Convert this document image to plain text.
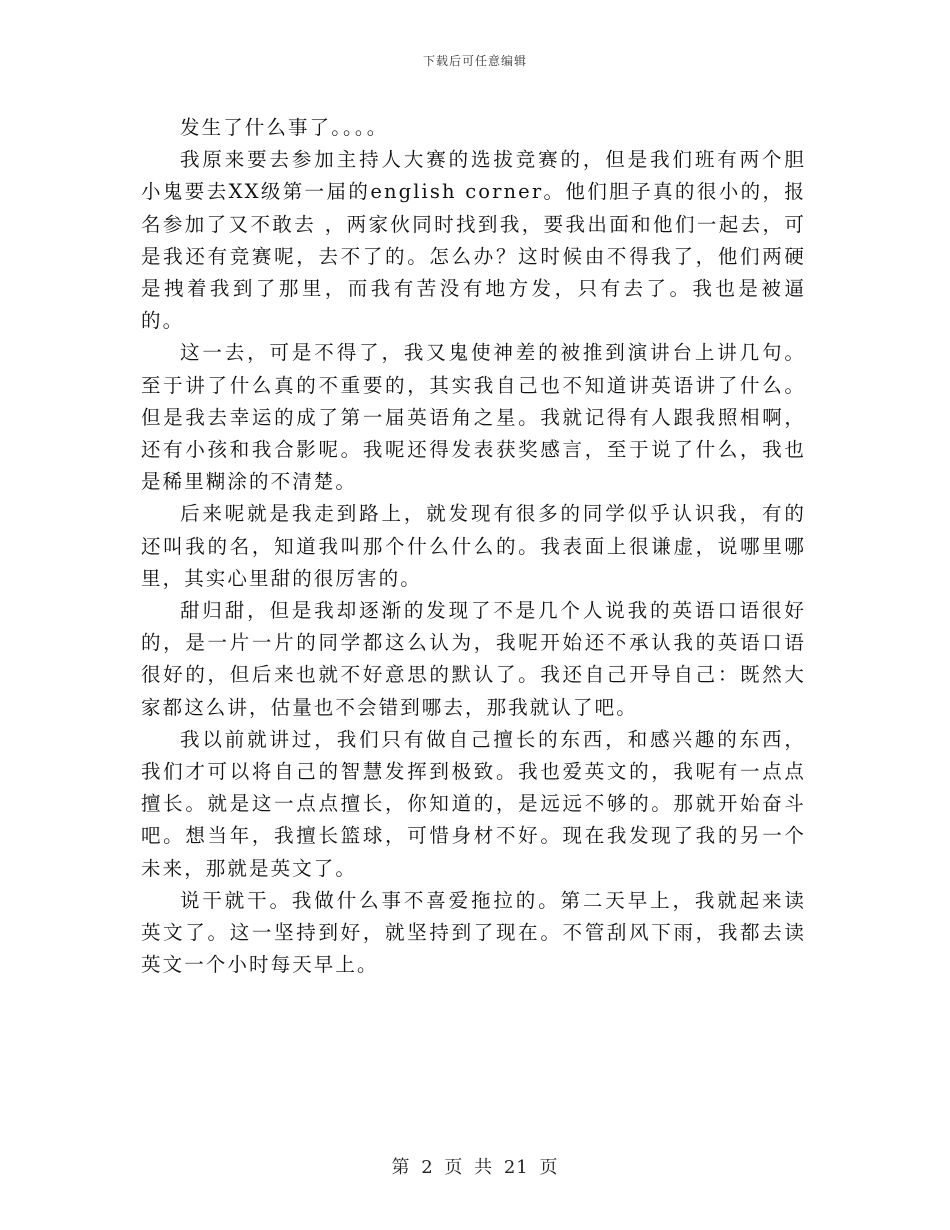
下载后可任意编辑

发生了什么事了。。。。

我原来要去参加主持人大赛的选拔竞赛的，但是我们班有两个胆小鬼要去XX级第一届的english corner。他们胆子真的很小的，报名参加了又不敢去 ，两家伙同时找到我，要我出面和他们一起去，可是我还有竞赛呢，去不了的。怎么办？这时候由不得我了，他们两硬是拽着我到了那里，而我有苦没有地方发，只有去了。我也是被逼的。

这一去，可是不得了，我又鬼使神差的被推到演讲台上讲几句。至于讲了什么真的不重要的，其实我自己也不知道讲英语讲了什么。但是我去幸运的成了第一届英语角之星。我就记得有人跟我照相啊，还有小孩和我合影呢。我呢还得发表获奖感言，至于说了什么，我也是稀里糊涂的不清楚。

后来呢就是我走到路上，就发现有很多的同学似乎认识我，有的还叫我的名，知道我叫那个什么什么的。我表面上很谦虚，说哪里哪里，其实心里甜的很厉害的。

甜归甜，但是我却逐渐的发现了不是几个人说我的英语口语很好的，是一片一片的同学都这么认为，我呢开始还不承认我的英语口语很好的，但后来也就不好意思的默认了。我还自己开导自己：既然大家都这么讲，估量也不会错到哪去，那我就认了吧。

我以前就讲过，我们只有做自己擅长的东西，和感兴趣的东西，我们才可以将自己的智慧发挥到极致。我也爱英文的，我呢有一点点擅长。就是这一点点擅长，你知道的，是远远不够的。那就开始奋斗吧。想当年，我擅长篮球，可惜身材不好。现在我发现了我的另一个未来，那就是英文了。

说干就干。我做什么事不喜爱拖拉的。第二天早上，我就起来读英文了。这一坚持到好，就坚持到了现在。不管刮风下雨，我都去读英文一个小时每天早上。

第 2 页 共 21 页
